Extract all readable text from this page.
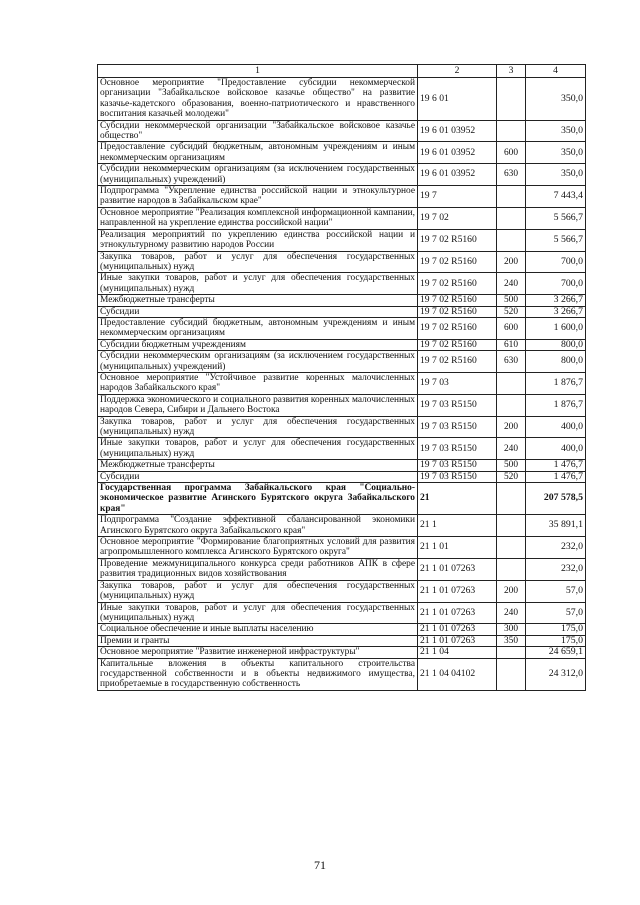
1	2	3	4
Основное мероприятие "Предоставление субсидии некоммерческой организации "Забайкальское войсковое казачье общество" на развитие казачье-кадетского образования, военно-патриотического и нравственного воспитания казачьей молодежи"	19 6 01		350,0
Субсидии некоммерческой организации "Забайкальское войсковое казачье общество"	19 6 01 03952		350,0
Предоставление субсидий бюджетным, автономным учреждениям и иным некоммерческим организациям	19 6 01 03952	600	350,0
Субсидии некоммерческим организациям (за исключением государственных (муниципальных) учреждений)	19 6 01 03952	630	350,0
Подпрограмма "Укрепление единства российской нации и этнокультурное развитие народов в Забайкальском крае"	19 7		7 443,4
Основное мероприятие "Реализация комплексной информационной кампании, направленной на укрепление единства российской нации"	19 7 02		5 566,7
Реализация мероприятий по укреплению единства российской нации и этнокультурному развитию народов России	19 7 02 R5160		5 566,7
Закупка товаров, работ и услуг для обеспечения государственных (муниципальных) нужд	19 7 02 R5160	200	700,0
Иные закупки товаров, работ и услуг для обеспечения государственных (муниципальных) нужд	19 7 02 R5160	240	700,0
Межбюджетные трансферты	19 7 02 R5160	500	3 266,7
Субсидии	19 7 02 R5160	520	3 266,7
Предоставление субсидий бюджетным, автономным учреждениям и иным некоммерческим организациям	19 7 02 R5160	600	1 600,0
Субсидии бюджетным учреждениям	19 7 02 R5160	610	800,0
Субсидии некоммерческим организациям (за исключением государственных (муниципальных) учреждений)	19 7 02 R5160	630	800,0
Основное мероприятие "Устойчивое развитие коренных малочисленных народов Забайкальского края"	19 7 03		1 876,7
Поддержка экономического и социального развития коренных малочисленных народов Севера, Сибири и Дальнего Востока	19 7 03 R5150		1 876,7
Закупка товаров, работ и услуг для обеспечения государственных (муниципальных) нужд	19 7 03 R5150	200	400,0
Иные закупки товаров, работ и услуг для обеспечения государственных (муниципальных) нужд	19 7 03 R5150	240	400,0
Межбюджетные трансферты	19 7 03 R5150	500	1 476,7
Субсидии	19 7 03 R5150	520	1 476,7
Государственная программа Забайкальского края "Социально-экономическое развитие Агинского Бурятского округа Забайкальского края"	21		207 578,5
Подпрограмма "Создание эффективной сбалансированной экономики Агинского Бурятского округа Забайкальского края"	21 1		35 891,1
Основное мероприятие "Формирование благоприятных условий для развития агропромышленного комплекса Агинского Бурятского округа"	21 1 01		232,0
Проведение межмуниципального конкурса среди работников АПК в сфере развития традиционных видов хозяйствования	21 1 01 07263		232,0
Закупка товаров, работ и услуг для обеспечения государственных (муниципальных) нужд	21 1 01 07263	200	57,0
Иные закупки товаров, работ и услуг для обеспечения государственных (муниципальных) нужд	21 1 01 07263	240	57,0
Социальное обеспечение и иные выплаты населению	21 1 01 07263	300	175,0
Премии и гранты	21 1 01 07263	350	175,0
Основное мероприятие "Развитие инженерной инфраструктуры"	21 1 04		24 659,1
Капитальные вложения в объекты капитального строительства государственной собственности и в объекты недвижимого имущества, приобретаемые в государственную собственность	21 1 04 04102		24 312,0
71
